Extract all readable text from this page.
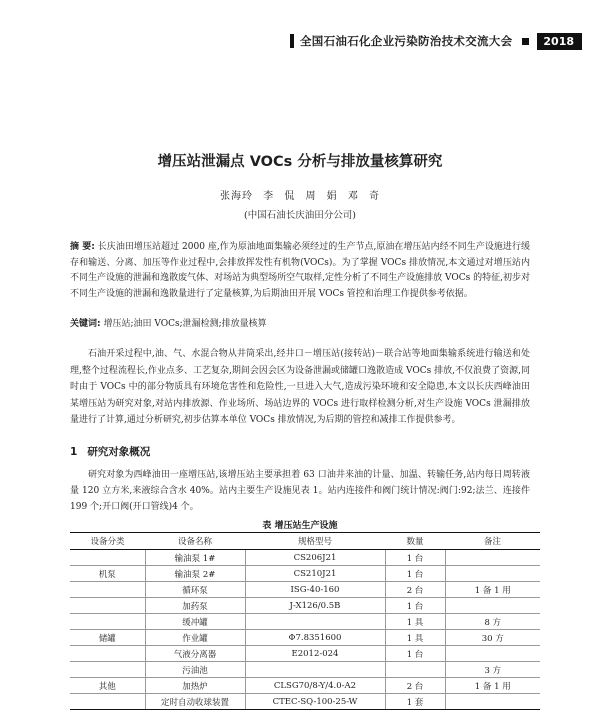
全国石油石化企业污染防治技术交流大会	2018
增压站泄漏点 VOCs 分析与排放量核算研究
张海玲 李 侃 周 娟 邓 奇
(中国石油长庆油田分公司)
摘 要: 长庆油田增压站超过 2000 座,作为原油地面集输必须经过的生产节点,原油在增压站内经不同生产设施进行缓存和输送、分离、加压等作业过程中,会排放挥发性有机物(VOCs)。为了掌握 VOCs 排放情况,本文通过对增压站内不同生产设施的泄漏和逸散废气体、对场站为典型场所空气取样,定性分析了不同生产设施排放 VOCs 的特征,初步对不同生产设施的泄漏和逸散量进行了定量核算,为后期油田开展 VOCs 管控和治理工作提供参考依据。
关键词: 增压站;油田 VOCs;泄漏检测;排放量核算
石油开采过程中,油、气、水混合物从井筒采出,经井口－增压站(接转站)－联合站等地面集输系统进行输送和处理,整个过程流程长,作业点多、工艺复杂,期间会因会区为设备泄漏或储罐口逸散造成 VOCs 排放,不仅浪费了资源,同时由于 VOCs 中的部分物质具有环境危害性和危险性,一旦进入大气,造成污染环境和安全隐患,本文以长庆西峰油田某增压站为研究对象,对站内排放源、作业场所、场站边界的 VOCs 进行取样检测分析,对生产设施 VOCs 泄漏排放量进行了计算,通过分析研究,初步估算本单位 VOCs 排放情况,为后期的管控和减排工作提供参考。
1 研究对象概况
研究对象为西峰油田一座增压站,该增压站主要承担着 63 口油井来油的计量、加温、转输任务,站内每日周转液量 120 立方米,来液综合含水 40%。站内主要生产设施见表 1。站内连接件和阀门统计情况:阀门:92;法兰、连接件 199 个;开口阀(开口管线)4 个。
表 增压站生产设施
设备分类	设备名称	规格型号	数量	备注
	输油泵 1#	CS206J21	1 台	
机泵	输油泵 2#	CS210J21	1 台	
	循环泵	ISG-40-160	2 台	1 备 1 用
	加药泵	J-X126/0.5B	1 台	
	缓冲罐		1 具	8 方
储罐	作业罐	Φ7.8351600	1 具	30 方
	气液分离器	E2012-024	1 台	
	污油池			3 方
其他	加热炉	CLSG70/8-Y/4.0-A2	2 台	1 备 1 用
	定时自动收球装置	CTEC-SQ-100-25-W	1 套	
